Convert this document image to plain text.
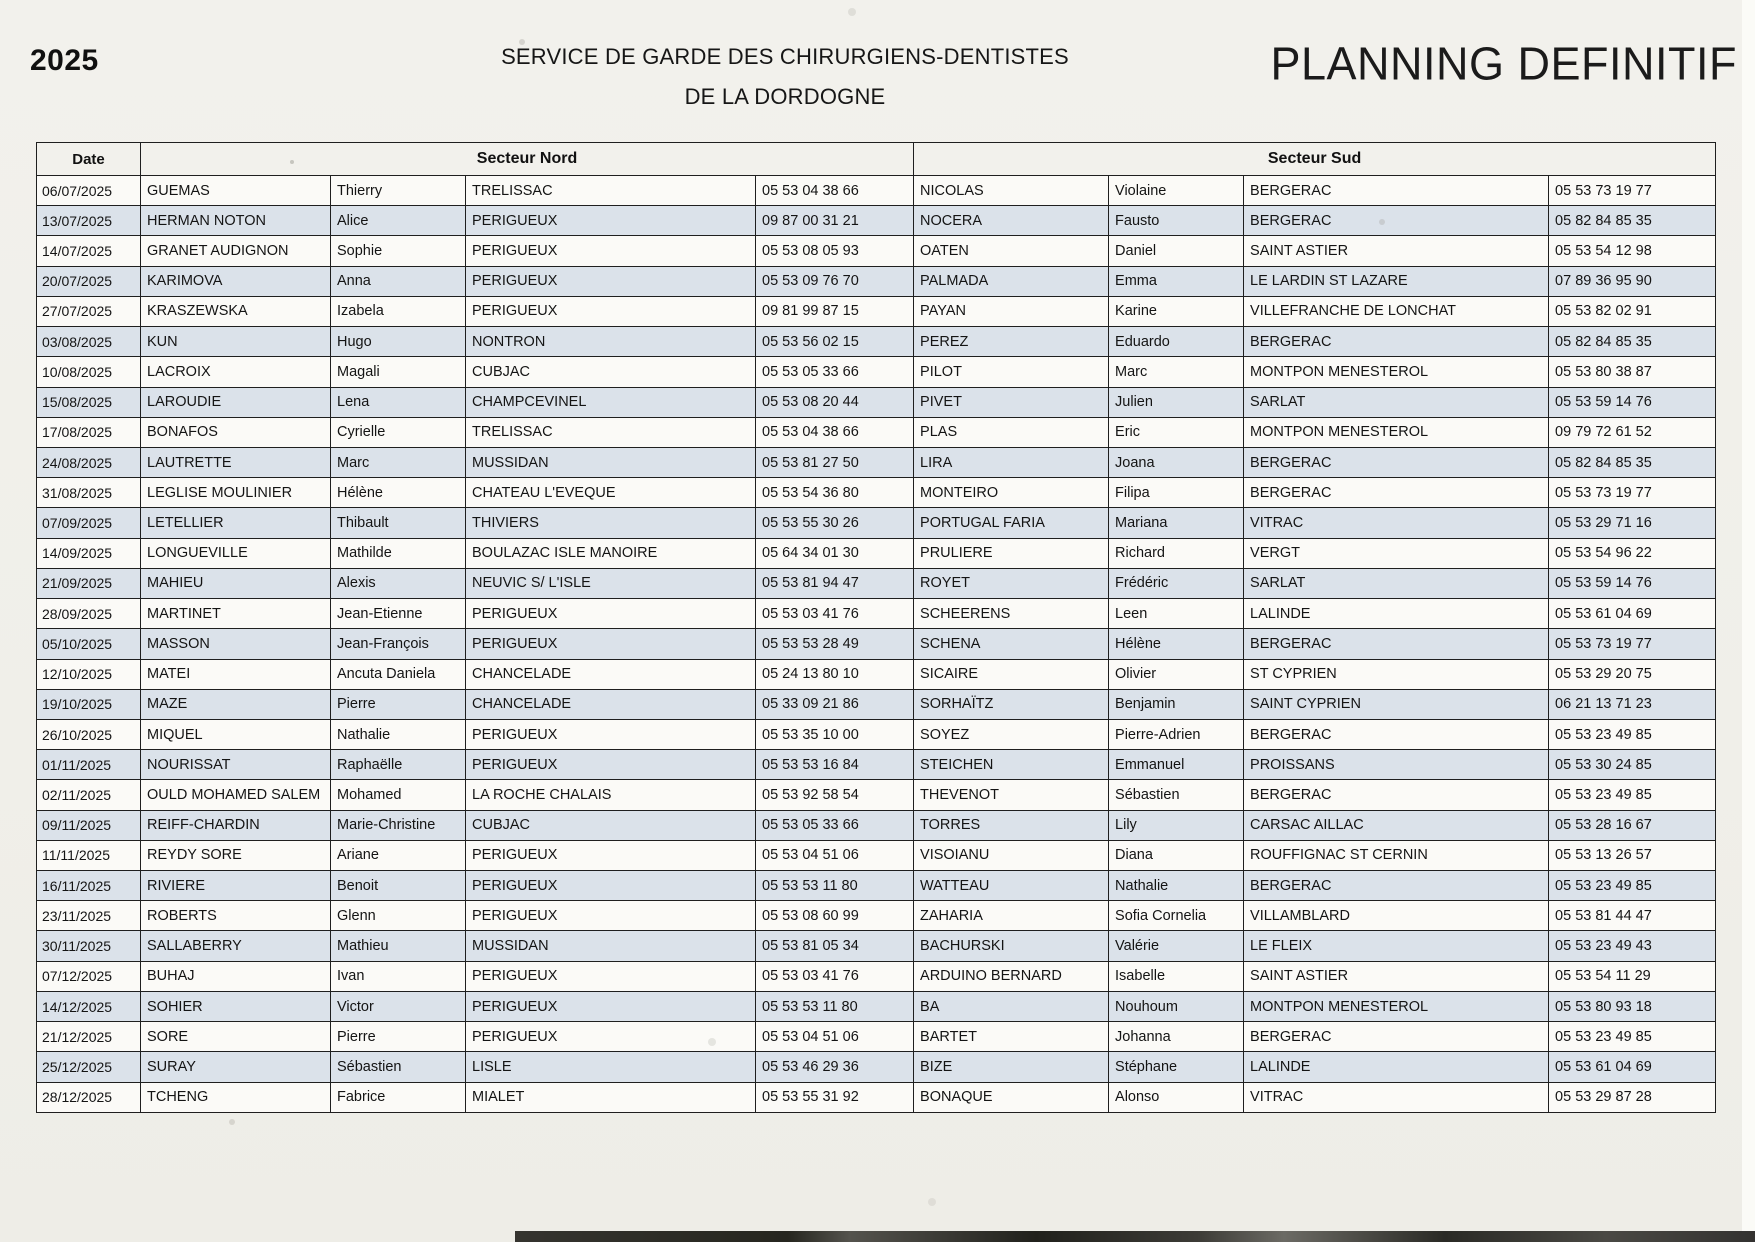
2025	SERVICE DE GARDE DES CHIRURGIENS-DENTISTES
DE LA DORDOGNE
PLANNING DEFINITIF
Date	Secteur Nord				Secteur Sud			
06/07/2025	GUEMAS	Thierry	TRELISSAC	05 53 04 38 66	NICOLAS	Violaine	BERGERAC	05 53 73 19 77
13/07/2025	HERMAN NOTON	Alice	PERIGUEUX	09 87 00 31 21	NOCERA	Fausto	BERGERAC	05 82 84 85 35
14/07/2025	GRANET AUDIGNON	Sophie	PERIGUEUX	05 53 08 05 93	OATEN	Daniel	SAINT ASTIER	05 53 54 12 98
20/07/2025	KARIMOVA	Anna	PERIGUEUX	05 53 09 76 70	PALMADA	Emma	LE LARDIN ST LAZARE	07 89 36 95 90
27/07/2025	KRASZEWSKA	Izabela	PERIGUEUX	09 81 99 87 15	PAYAN	Karine	VILLEFRANCHE DE LONCHAT	05 53 82 02 91
03/08/2025	KUN	Hugo	NONTRON	05 53 56 02 15	PEREZ	Eduardo	BERGERAC	05 82 84 85 35
10/08/2025	LACROIX	Magali	CUBJAC	05 53 05 33 66	PILOT	Marc	MONTPON MENESTEROL	05 53 80 38 87
15/08/2025	LAROUDIE	Lena	CHAMPCEVINEL	05 53 08 20 44	PIVET	Julien	SARLAT	05 53 59 14 76
17/08/2025	BONAFOS	Cyrielle	TRELISSAC	05 53 04 38 66	PLAS	Eric	MONTPON MENESTEROL	09 79 72 61 52
24/08/2025	LAUTRETTE	Marc	MUSSIDAN	05 53 81 27 50	LIRA	Joana	BERGERAC	05 82 84 85 35
31/08/2025	LEGLISE MOULINIER	Hélène	CHATEAU L'EVEQUE	05 53 54 36 80	MONTEIRO	Filipa	BERGERAC	05 53 73 19 77
07/09/2025	LETELLIER	Thibault	THIVIERS	05 53 55 30 26	PORTUGAL FARIA	Mariana	VITRAC	05 53 29 71 16
14/09/2025	LONGUEVILLE	Mathilde	BOULAZAC ISLE MANOIRE	05 64 34 01 30	PRULIERE	Richard	VERGT	05 53 54 96 22
21/09/2025	MAHIEU	Alexis	NEUVIC S/ L'ISLE	05 53 81 94 47	ROYET	Frédéric	SARLAT	05 53 59 14 76
28/09/2025	MARTINET	Jean-Etienne	PERIGUEUX	05 53 03 41 76	SCHEERENS	Leen	LALINDE	05 53 61 04 69
05/10/2025	MASSON	Jean-François	PERIGUEUX	05 53 53 28 49	SCHENA	Hélène	BERGERAC	05 53 73 19 77
12/10/2025	MATEI	Ancuta Daniela	CHANCELADE	05 24 13 80 10	SICAIRE	Olivier	ST CYPRIEN	05 53 29 20 75
19/10/2025	MAZE	Pierre	CHANCELADE	05 33 09 21 86	SORHAÏTZ	Benjamin	SAINT CYPRIEN	06 21 13 71 23
26/10/2025	MIQUEL	Nathalie	PERIGUEUX	05 53 35 10 00	SOYEZ	Pierre-Adrien	BERGERAC	05 53 23 49 85
01/11/2025	NOURISSAT	Raphaëlle	PERIGUEUX	05 53 53 16 84	STEICHEN	Emmanuel	PROISSANS	05 53 30 24 85
02/11/2025	OULD MOHAMED SALEM	Mohamed	LA ROCHE CHALAIS	05 53 92 58 54	THEVENOT	Sébastien	BERGERAC	05 53 23 49 85
09/11/2025	REIFF-CHARDIN	Marie-Christine	CUBJAC	05 53 05 33 66	TORRES	Lily	CARSAC AILLAC	05 53 28 16 67
11/11/2025	REYDY SORE	Ariane	PERIGUEUX	05 53 04 51 06	VISOIANU	Diana	ROUFFIGNAC ST CERNIN	05 53 13 26 57
16/11/2025	RIVIERE	Benoit	PERIGUEUX	05 53 53 11 80	WATTEAU	Nathalie	BERGERAC	05 53 23 49 85
23/11/2025	ROBERTS	Glenn	PERIGUEUX	05 53 08 60 99	ZAHARIA	Sofia Cornelia	VILLAMBLARD	05 53 81 44 47
30/11/2025	SALLABERRY	Mathieu	MUSSIDAN	05 53 81 05 34	BACHURSKI	Valérie	LE FLEIX	05 53 23 49 43
07/12/2025	BUHAJ	Ivan	PERIGUEUX	05 53 03 41 76	ARDUINO BERNARD	Isabelle	SAINT ASTIER	05 53 54 11 29
14/12/2025	SOHIER	Victor	PERIGUEUX	05 53 53 11 80	BA	Nouhoum	MONTPON MENESTEROL	05 53 80 93 18
21/12/2025	SORE	Pierre	PERIGUEUX	05 53 04 51 06	BARTET	Johanna	BERGERAC	05 53 23 49 85
25/12/2025	SURAY	Sébastien	LISLE	05 53 46 29 36	BIZE	Stéphane	LALINDE	05 53 61 04 69
28/12/2025	TCHENG	Fabrice	MIALET	05 53 55 31 92	BONAQUE	Alonso	VITRAC	05 53 29 87 28
